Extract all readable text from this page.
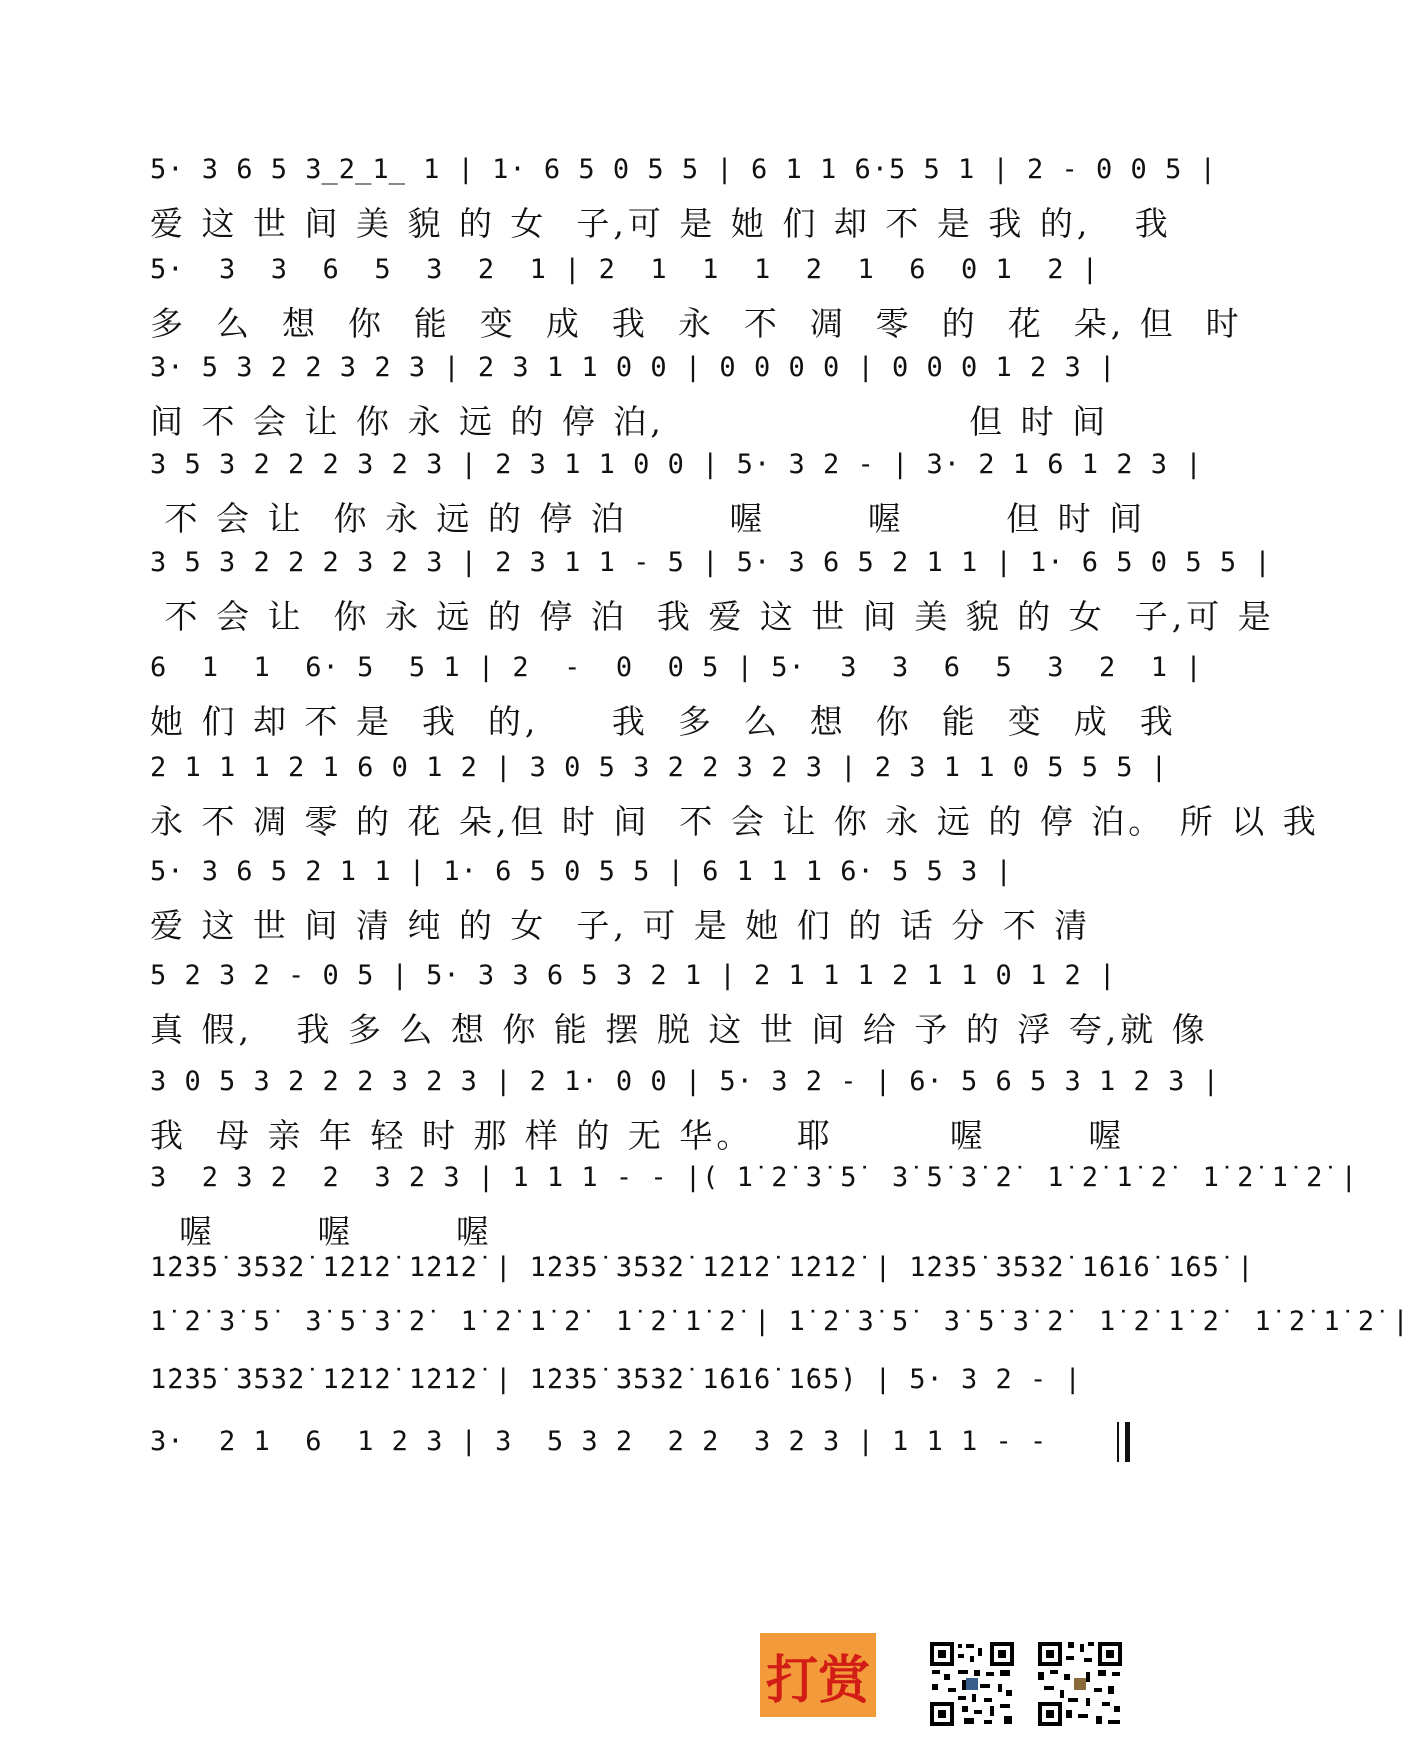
5· 3 6 5 3̲2̲1̲ 1 | 1· 6 5 0 5 5 | 6 1 1 6·5 5 1 | 2 - 0 0 5 |
爱 这 世 间 美 貌 的 女  子,可 是 她 们 却 不 是 我 的,   我
5·  3  3  6  5  3  2  1 | 2  1  1  1  2  1  6  0 1  2 |
多  么  想  你  能  变  成  我  永  不  凋  零  的  花  朵, 但  时
3· 5 3 2 2 3 2 3 | 2 3 1 1 0 0 | 0 0 0 0 | 0 0 0 1 2 3 |
间 不 会 让 你 永 远 的 停 泊,                     但 时 间
3 5 3 2 2 2 3 2 3 | 2 3 1 1 0 0 | 5· 3 2 - | 3· 2 1 6 1 2 3 |
不 会 让  你 永 远 的 停 泊       喔       喔       但 时 间
3 5 3 2 2 2 3 2 3 | 2 3 1 1 - 5 | 5· 3 6 5 2 1 1 | 1· 6 5 0 5 5 |
不 会 让  你 永 远 的 停 泊  我 爱 这 世 间 美 貌 的 女  子,可 是
6  1  1  6· 5  5 1 | 2  -  0  0 5 | 5·  3  3  6  5  3  2  1 |
她 们 却 不 是  我  的,     我  多  么  想  你  能  变  成  我
2 1 1 1 2 1 6 0 1 2 | 3 0 5 3 2 2 3 2 3 | 2 3 1 1 0 5 5 5 |
永 不 凋 零 的 花 朵,但 时 间  不 会 让 你 永 远 的 停 泊。 所 以 我
5· 3 6 5 2 1 1 | 1· 6 5 0 5 5 | 6 1 1 1 6· 5 5 3 |
爱 这 世 间 清 纯 的 女  子, 可 是 她 们 的 话 分 不 清
5 2 3 2 - 0 5 | 5· 3 3 6 5 3 2 1 | 2 1 1 1 2 1 1 0 1 2 |
真 假,   我 多 么 想 你 能 摆 脱 这 世 间 给 予 的 浮 夸,就 像
3 0 5 3 2 2 2 3 2 3 | 2 1· 0 0 | 5· 3 2 - | 6· 5 6 5 3 1 2 3 |
我  母 亲 年 轻 时 那 样 的 无 华。   耶        喔       喔
3  2 3 2  2  3 2 3 | 1 1 1 - - |( 1̇ 2̇ 3̇ 5̇  3̇ 5̇ 3̇ 2̇  1̇ 2̇ 1̇ 2̇  1̇ 2̇ 1̇ 2̇ |
喔       喔       喔
1̇2̇3̇5̇ 3̇5̇3̇2̇ 1̇2̇1̇2̇ 1̇2̇1̇2̇ | 1̇2̇3̇5̇ 3̇5̇3̇2̇ 1̇2̇1̇2̇ 1̇2̇1̇2̇ | 1̇2̇3̇5̇ 3̇5̇3̇2̇ 1̇6̇1̇6̇ 1̇6̇5̇ |
1̇ 2̇ 3̇ 5̇  3̇ 5̇ 3̇ 2̇  1̇ 2̇ 1̇ 2̇  1̇ 2̇ 1̇ 2̇ | 1̇ 2̇ 3̇ 5̇  3̇ 5̇ 3̇ 2̇  1̇ 2̇ 1̇ 2̇  1̇ 2̇ 1̇ 2̇ |
1̇2̇3̇5̇ 3̇5̇3̇2̇ 1̇2̇1̇2̇ 1̇2̇1̇2̇ | 1̇2̇3̇5̇ 3̇5̇3̇2̇ 1̇6̇1̇6̇ 1̇6̇5̇) | 5· 3 2 - |
3·  2 1  6  1 2 3 | 3  5 3 2  2 2  3 2 3 | 1 1 1 - -
打赏
